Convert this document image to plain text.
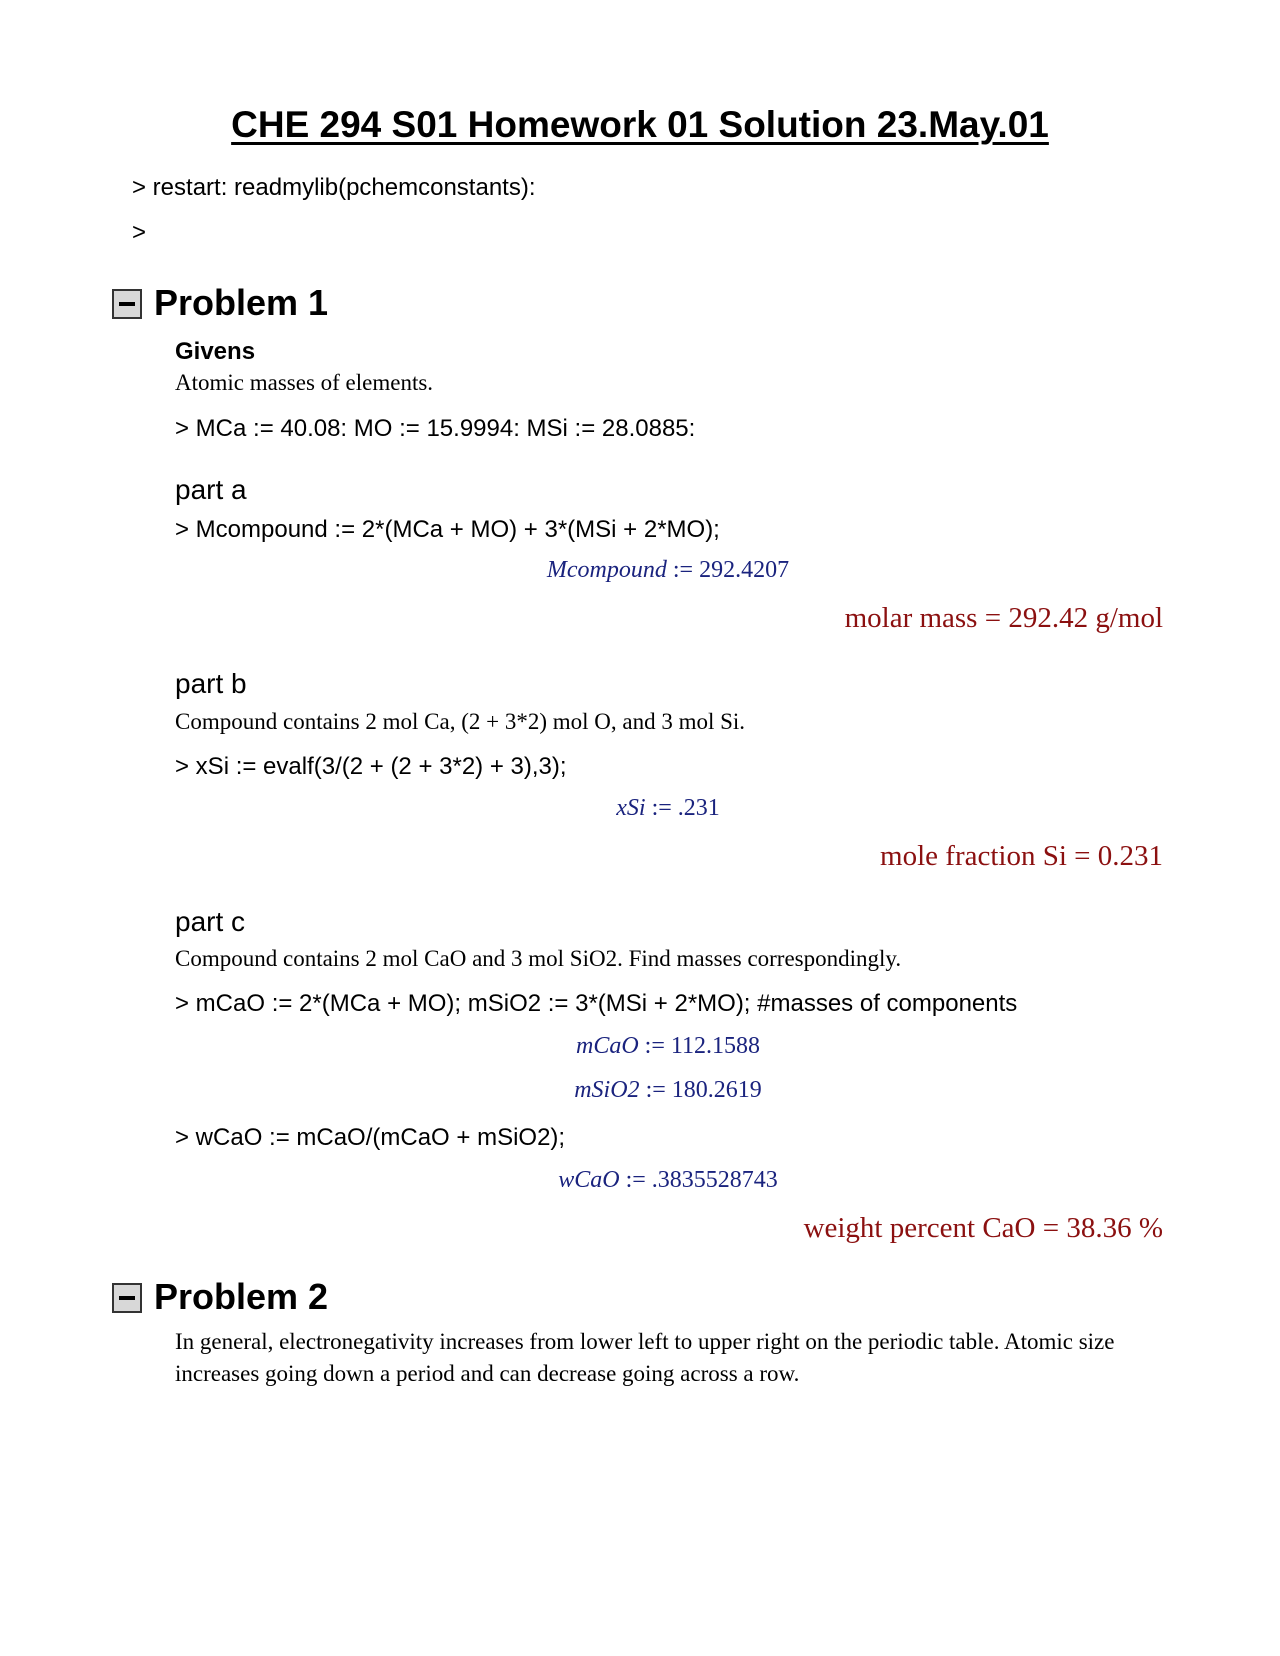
CHE 294 S01 Homework 01 Solution 23.May.01
> restart: readmylib(pchemconstants):
>
Problem 1
Givens
Atomic masses of elements.
> MCa := 40.08: MO := 15.9994: MSi := 28.0885:
part a
> Mcompound := 2*(MCa + MO) + 3*(MSi + 2*MO);
Mcompound := 292.4207
molar mass = 292.42 g/mol
part b
Compound contains 2 mol Ca, (2 + 3*2) mol O, and 3 mol Si.
> xSi := evalf(3/(2 + (2 + 3*2) + 3),3);
xSi := .231
mole fraction Si = 0.231
part c
Compound contains 2 mol CaO and 3 mol SiO2. Find masses correspondingly.
> mCaO := 2*(MCa + MO); mSiO2 := 3*(MSi + 2*MO); #masses of components
mCaO := 112.1588
mSiO2 := 180.2619
> wCaO := mCaO/(mCaO + mSiO2);
wCaO := .3835528743
weight percent CaO = 38.36 %
Problem 2
In general, electronegativity increases from lower left to upper right on the periodic table. Atomic size increases going down a period and can decrease going across a row.
